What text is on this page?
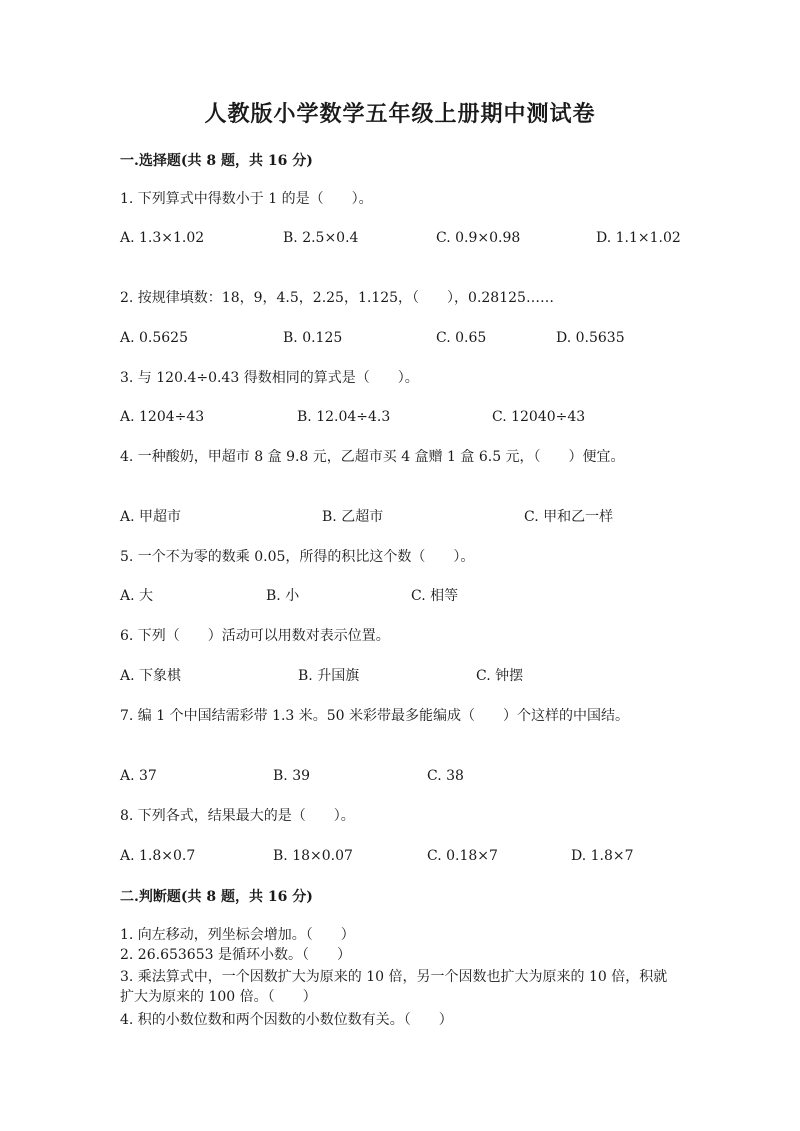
人教版小学数学五年级上册期中测试卷
一.选择题(共 8 题，共 16 分)
1. 下列算式中得数小于 1 的是（　　）。
A. 1.3×1.02	B. 2.5×0.4	C. 0.9×0.98	D. 1.1×1.02
2. 按规律填数：18，9，4.5，2.25，1.125，（　　），0.28125……
A. 0.5625	B. 0.125	C. 0.65	D. 0.5635
3. 与 120.4÷0.43 得数相同的算式是（　　）。
A. 1204÷43	B. 12.04÷4.3	C. 12040÷43
4. 一种酸奶，甲超市 8 盒 9.8 元，乙超市买 4 盒赠 1 盒 6.5 元，（　　）便宜。
A. 甲超市	B. 乙超市	C. 甲和乙一样
5. 一个不为零的数乘 0.05，所得的积比这个数（　　）。
A. 大	B. 小	C. 相等
6. 下列（　　）活动可以用数对表示位置。
A. 下象棋	B. 升国旗	C. 钟摆
7. 编 1 个中国结需彩带 1.3 米。50 米彩带最多能编成（　　）个这样的中国结。
A. 37	B. 39	C. 38
8. 下列各式，结果最大的是（　　）。
A. 1.8×0.7	B. 18×0.07	C. 0.18×7	D. 1.8×7
二.判断题(共 8 题，共 16 分)
1. 向左移动，列坐标会增加。（　　）
2. 26.653653 是循环小数。（　　）
3. 乘法算式中，一个因数扩大为原来的 10 倍，另一个因数也扩大为原来的 10 倍，积就扩大为原来的 100 倍。（　　）
4. 积的小数位数和两个因数的小数位数有关。（　　）
